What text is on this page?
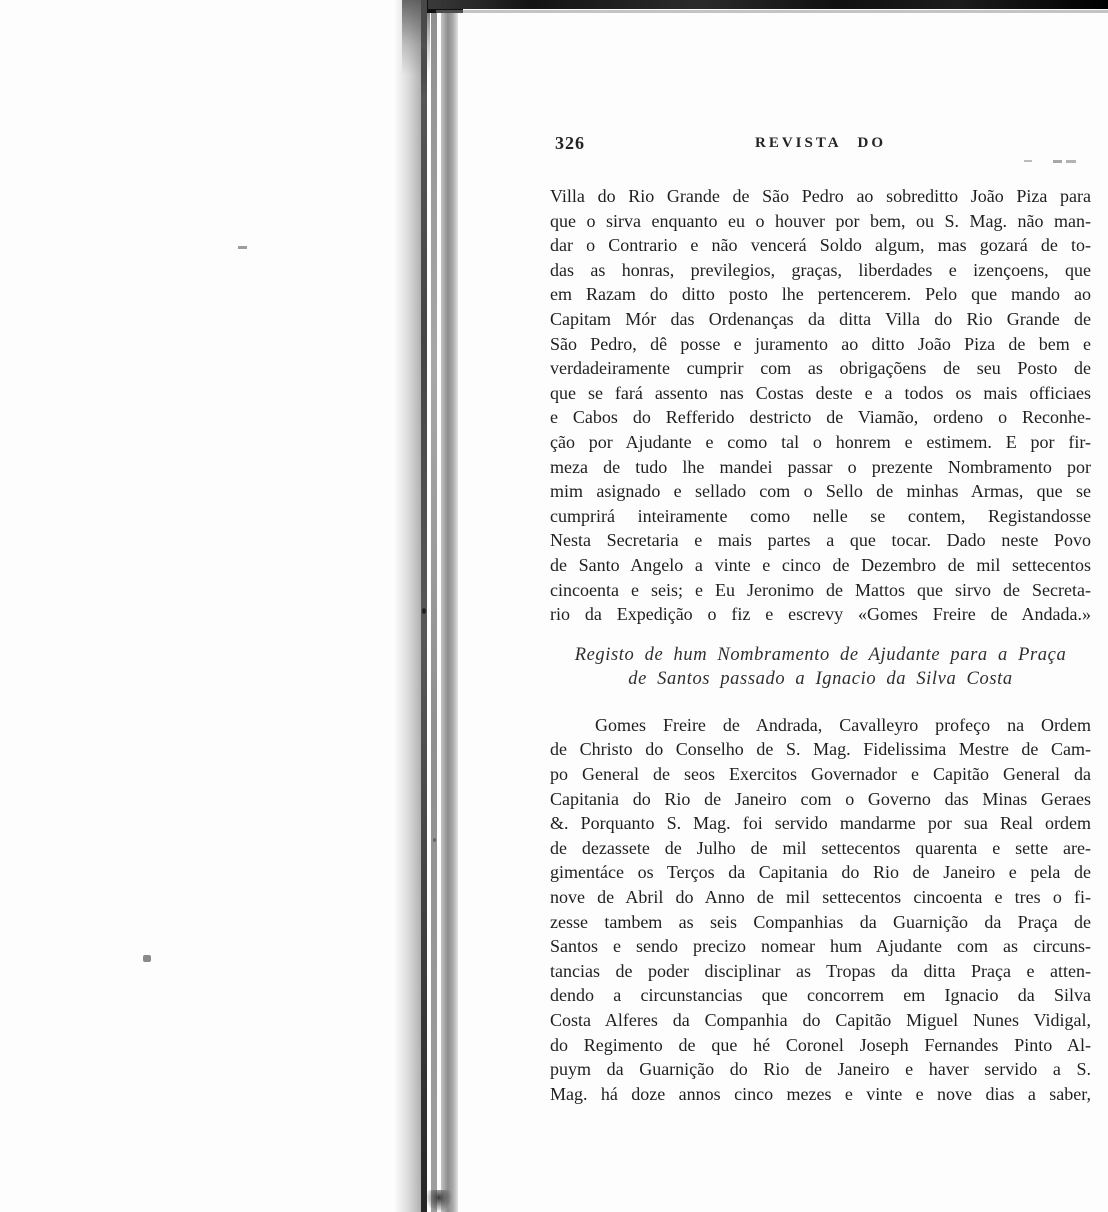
326	REVISTA DO
Villa do Rio Grande de São Pedro ao sobreditto João Piza para
que o sirva enquanto eu o houver por bem, ou S. Mag. não man-
dar o Contrario e não vencerá Soldo algum, mas gozará de to-
das as honras, previlegios, graças, liberdades e izençoens, que
em Razam do ditto posto lhe pertencerem. Pelo que mando ao
Capitam Mór das Ordenanças da ditta Villa do Rio Grande de
São Pedro, dê posse e juramento ao ditto João Piza de bem e
verdadeiramente cumprir com as obrigaçõens de seu Posto de
que se fará assento nas Costas deste e a todos os mais officiaes
e Cabos do Refferido destricto de Viamão, ordeno o Reconhe-
ção por Ajudante e como tal o honrem e estimem. E por fir-
meza de tudo lhe mandei passar o prezente Nombramento por
mim asignado e sellado com o Sello de minhas Armas, que se
cumprirá inteiramente como nelle se contem, Registandosse
Nesta Secretaria e mais partes a que tocar. Dado neste Povo
de Santo Angelo a vinte e cinco de Dezembro de mil settecentos
cincoenta e seis; e Eu Jeronimo de Mattos que sirvo de Secreta-
rio da Expedição o fiz e escrevy «Gomes Freire de Andada.»
Registo de hum Nombramento de Ajudante para a Praça
de Santos passado a Ignacio da Silva Costa
Gomes Freire de Andrada, Cavalleyro profeço na Ordem
de Christo do Conselho de S. Mag. Fidelissima Mestre de Cam-
po General de seos Exercitos Governador e Capitão General da
Capitania do Rio de Janeiro com o Governo das Minas Geraes
&. Porquanto S. Mag. foi servido mandarme por sua Real ordem
de dezassete de Julho de mil settecentos quarenta e sette are-
gimentáce os Terços da Capitania do Rio de Janeiro e pela de
nove de Abril do Anno de mil settecentos cincoenta e tres o fi-
zesse tambem as seis Companhias da Guarnição da Praça de
Santos e sendo precizo nomear hum Ajudante com as circuns-
tancias de poder disciplinar as Tropas da ditta Praça e atten-
dendo a circunstancias que concorrem em Ignacio da Silva
Costa Alferes da Companhia do Capitão Miguel Nunes Vidigal,
do Regimento de que hé Coronel Joseph Fernandes Pinto Al-
puym da Guarnição do Rio de Janeiro e haver servido a S.
Mag. há doze annos cinco mezes e vinte e nove dias a saber,
